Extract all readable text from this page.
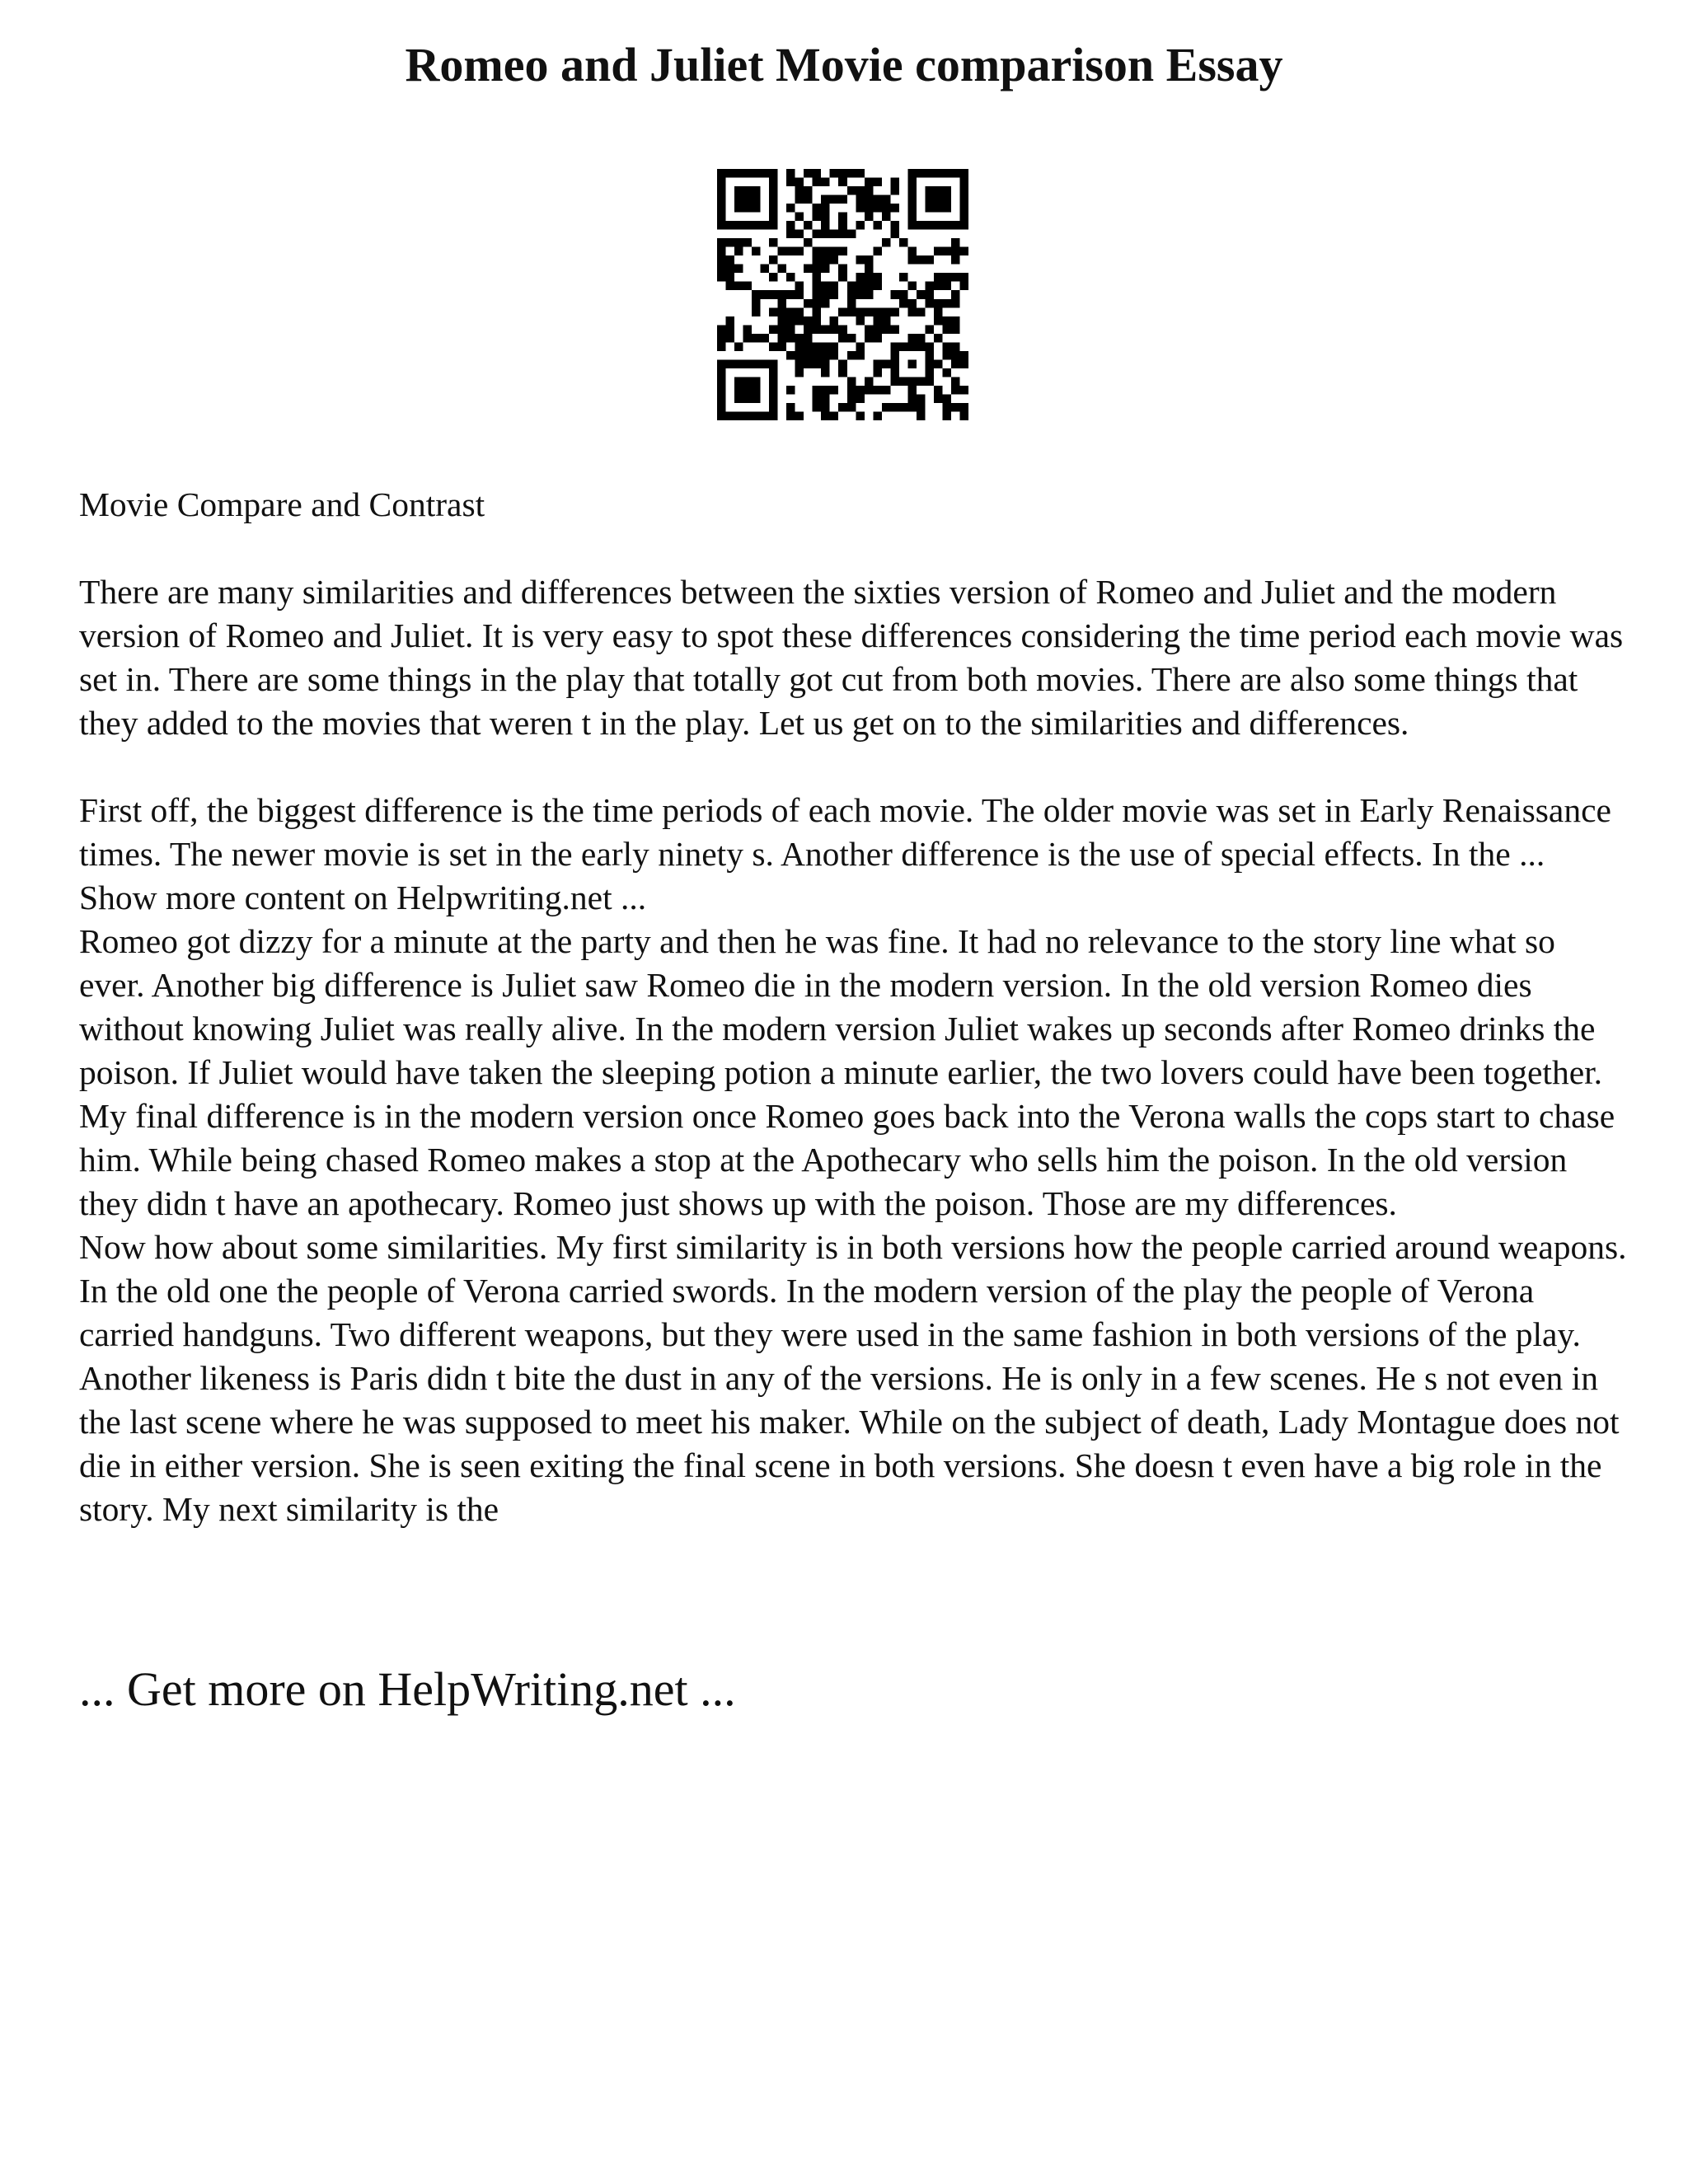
Romeo and Juliet Movie comparison Essay

Movie Compare and Contrast

There are many similarities and differences between the sixties version of Romeo and Juliet and the modern version of Romeo and Juliet. It is very easy to spot these differences considering the time period each movie was set in. There are some things in the play that totally got cut from both movies. There are also some things that they added to the movies that weren t in the play. Let us get on to the similarities and differences.

First off, the biggest difference is the time periods of each movie. The older movie was set in Early Renaissance times. The newer movie is set in the early ninety s. Another difference is the use of special effects. In the ... Show more content on Helpwriting.net ...

Romeo got dizzy for a minute at the party and then he was fine. It had no relevance to the story line what so ever. Another big difference is Juliet saw Romeo die in the modern version. In the old version Romeo dies without knowing Juliet was really alive. In the modern version Juliet wakes up seconds after Romeo drinks the poison. If Juliet would have taken the sleeping potion a minute earlier, the two lovers could have been together. My final difference is in the modern version once Romeo goes back into the Verona walls the cops start to chase him. While being chased Romeo makes a stop at the Apothecary who sells him the poison. In the old version they didn t have an apothecary. Romeo just shows up with the poison. Those are my differences.

Now how about some similarities. My first similarity is in both versions how the people carried around weapons. In the old one the people of Verona carried swords. In the modern version of the play the people of Verona carried handguns. Two different weapons, but they were used in the same fashion in both versions of the play. Another likeness is Paris didn t bite the dust in any of the versions. He is only in a few scenes. He s not even in the last scene where he was supposed to meet his maker. While on the subject of death, Lady Montague does not die in either version. She is seen exiting the final scene in both versions. She doesn t even have a big role in the story. My next similarity is the

... Get more on HelpWriting.net ...
